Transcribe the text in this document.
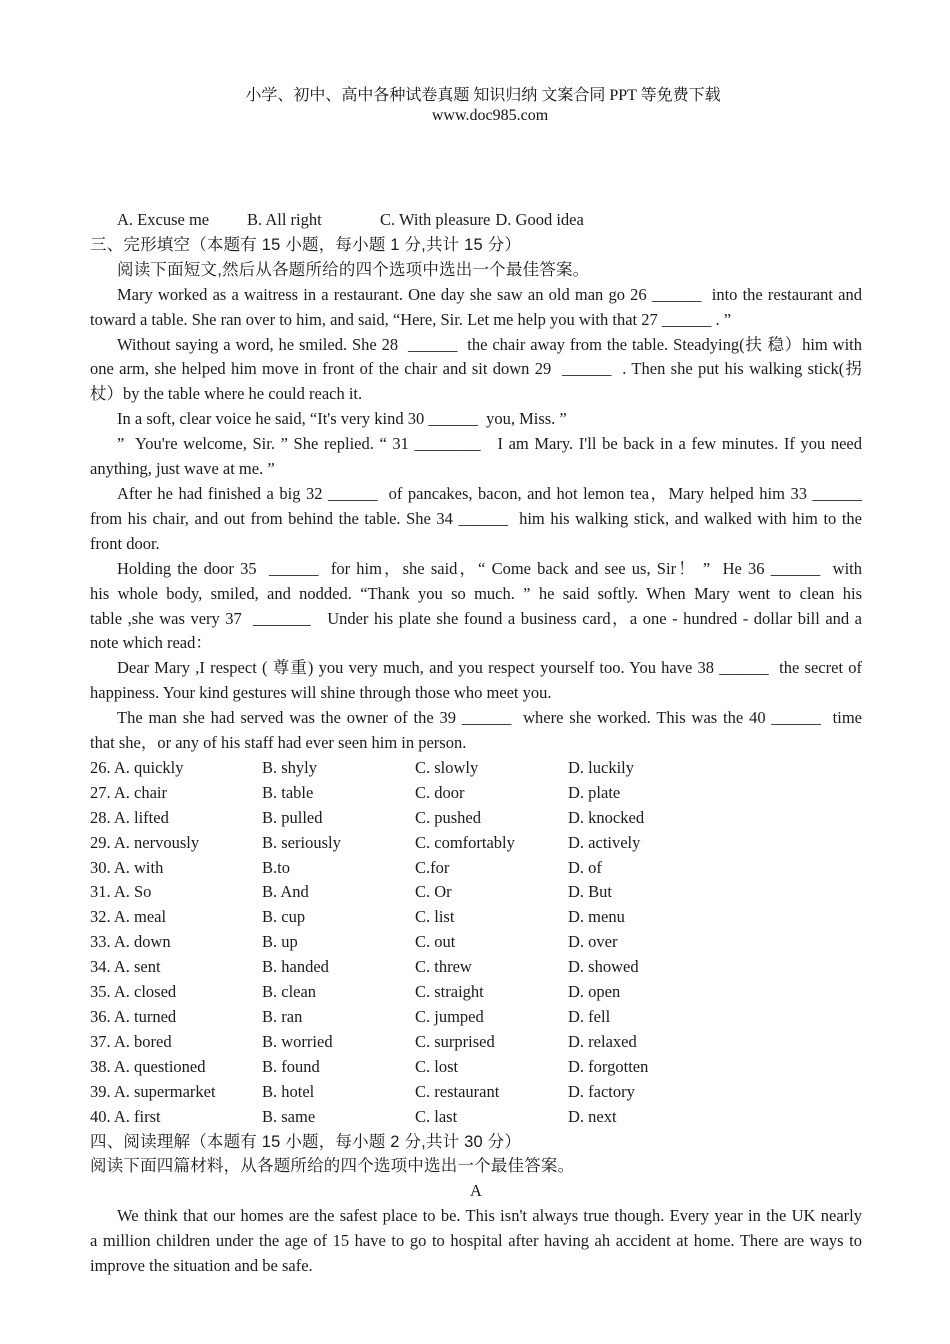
小学、初中、高中各种试卷真题 知识归纳 文案合同 PPT 等免费下载
www.doc985.com

A. Excuse me	B. All right	C. With pleasure D. Good idea
三、完形填空（本题有 15 小题，每小题 1 分,共计 15 分）
阅读下面短文,然后从各题所给的四个选项中选出一个最佳答案。
Mary worked as a waitress in a restaurant. One day she saw an old man go 26 ______  into the restaurant and
toward a table. She ran over to him, and said, “Here, Sir. Let me help you with that 27 ______ . ”
Without saying a word, he smiled. She 28  ______  the chair away from the table. Steadying(扶 稳）him with
one arm, she helped him move in front of the chair and sit down 29  ______  . Then she put his walking stick(拐
杖）by the table where he could reach it.
In a soft, clear voice he said, “It's very kind 30 ______  you, Miss. ”
”  You're welcome, Sir. ” She replied. “ 31 ________   I am Mary. I'll be back in a few minutes. If you need
anything, just wave at me. ”
After he had finished a big 32 ______  of pancakes, bacon, and hot lemon tea，Mary helped him 33 ______
from his chair, and out from behind the table. She 34 ______  him his walking stick, and walked with him to the
front door.
Holding the door 35  ______  for him，she said，“ Come back and see us, Sir！ ”  He 36 ______  with
his whole body, smiled, and nodded. “Thank you so much. ” he said softly. When Mary went to clean his
table ,she was very 37  _______   Under his plate she found a business card，a one - hundred - dollar bill and a
note which read：
Dear Mary ,I respect ( 尊重) you very much, and you respect yourself too. You have 38 ______  the secret of
happiness. Your kind gestures will shine through those who meet you.
The man she had served was the owner of the 39 ______  where she worked. This was the 40 ______  time
that she，or any of his staff had ever seen him in person.
26. A. quickly	B. shyly	C. slowly	D. luckily
27. A. chair	B. table	C. door	D. plate
28. A. lifted	B. pulled	C. pushed	D. knocked
29. A. nervously	B. seriously	C. comfortably	D. actively
30. A. with	B.to	C.for	D. of
31. A. So	B. And	C. Or	D. But
32. A. meal	B. cup	C. list	D. menu
33. A. down	B. up	C. out	D. over
34. A. sent	B. handed	C. threw	D. showed
35. A. closed	B. clean	C. straight	D. open
36. A. turned	B. ran	C. jumped	D. fell
37. A. bored	B. worried	C. surprised	D. relaxed
38. A. questioned	B. found	C. lost	D. forgotten
39. A. supermarket	B. hotel	C. restaurant	D. factory
40. A. first	B. same	C. last	D. next
四、阅读理解（本题有 15 小题，每小题 2 分,共计 30 分）
阅读下面四篇材料，从各题所给的四个选项中选出一个最佳答案。
A
We think that our homes are the safest place to be. This isn't always true though. Every year in the UK nearly
a million children under the age of 15 have to go to hospital after having ah accident at home. There are ways to
improve the situation and be safe.
